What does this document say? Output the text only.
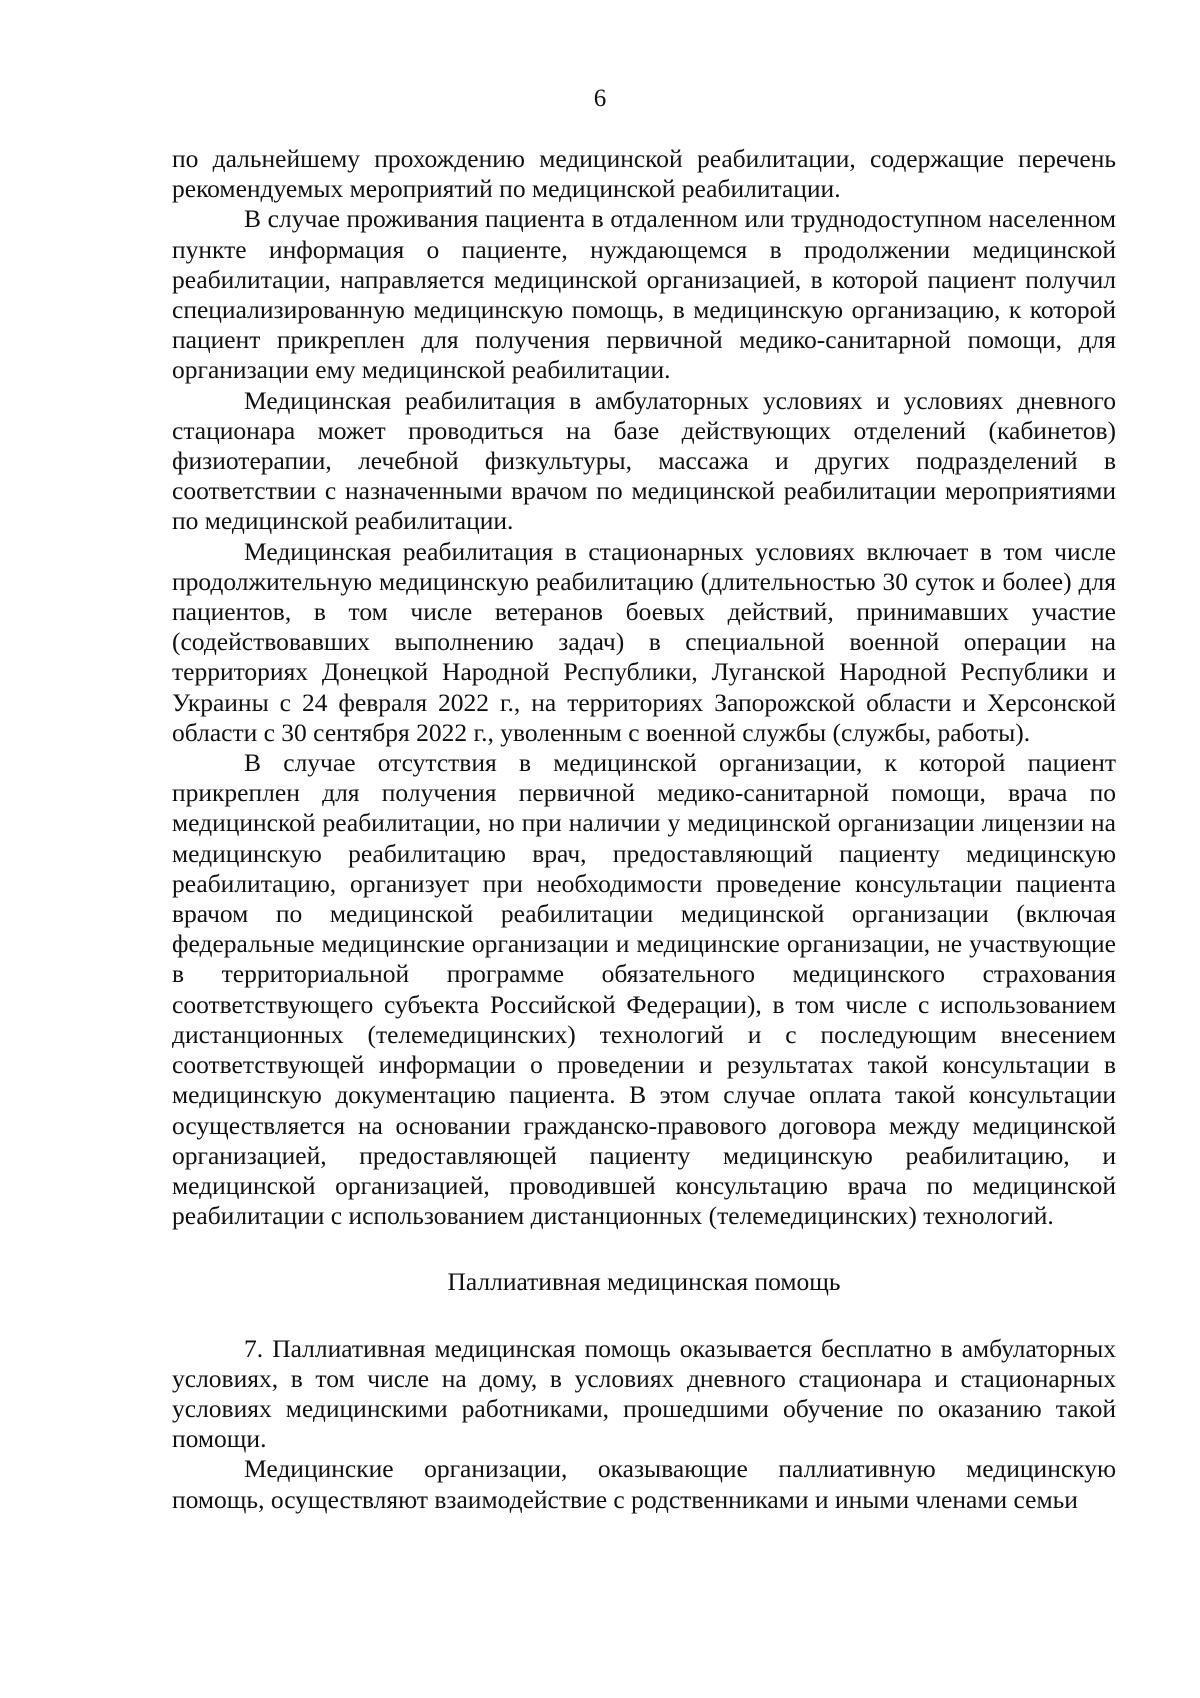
6

по дальнейшему прохождению медицинской реабилитации, содержащие перечень рекомендуемых мероприятий по медицинской реабилитации.

В случае проживания пациента в отдаленном или труднодоступном населенном пункте информация о пациенте, нуждающемся в продолжении медицинской реабилитации, направляется медицинской организацией, в которой пациент получил специализированную медицинскую помощь, в медицинскую организацию, к которой пациент прикреплен для получения первичной медико-санитарной помощи, для организации ему медицинской реабилитации.

Медицинская реабилитация в амбулаторных условиях и условиях дневного стационара может проводиться на базе действующих отделений (кабинетов) физиотерапии, лечебной физкультуры, массажа и других подразделений в соответствии с назначенными врачом по медицинской реабилитации мероприятиями по медицинской реабилитации.

Медицинская реабилитация в стационарных условиях включает в том числе продолжительную медицинскую реабилитацию (длительностью 30 суток и более) для пациентов, в том числе ветеранов боевых действий, принимавших участие (содействовавших выполнению задач) в специальной военной операции на территориях Донецкой Народной Республики, Луганской Народной Республики и Украины с 24 февраля 2022 г., на территориях Запорожской области и Херсонской области с 30 сентября 2022 г., уволенным с военной службы (службы, работы).

В случае отсутствия в медицинской организации, к которой пациент прикреплен для получения первичной медико-санитарной помощи, врача по медицинской реабилитации, но при наличии у медицинской организации лицензии на медицинскую реабилитацию врач, предоставляющий пациенту медицинскую реабилитацию, организует при необходимости проведение консультации пациента врачом по медицинской реабилитации медицинской организации (включая федеральные медицинские организации и медицинские организации, не участвующие в территориальной программе обязательного медицинского страхования соответствующего субъекта Российской Федерации), в том числе с использованием дистанционных (телемедицинских) технологий и с последующим внесением соответствующей информации о проведении и результатах такой консультации в медицинскую документацию пациента. В этом случае оплата такой консультации осуществляется на основании гражданско-правового договора между медицинской организацией, предоставляющей пациенту медицинскую реабилитацию, и медицинской организацией, проводившей консультацию врача по медицинской реабилитации с использованием дистанционных (телемедицинских) технологий.

Паллиативная медицинская помощь

7. Паллиативная медицинская помощь оказывается бесплатно в амбулаторных условиях, в том числе на дому, в условиях дневного стационара и стационарных условиях медицинскими работниками, прошедшими обучение по оказанию такой помощи.

Медицинские организации, оказывающие паллиативную медицинскую помощь, осуществляют взаимодействие с родственниками и иными членами семьи
